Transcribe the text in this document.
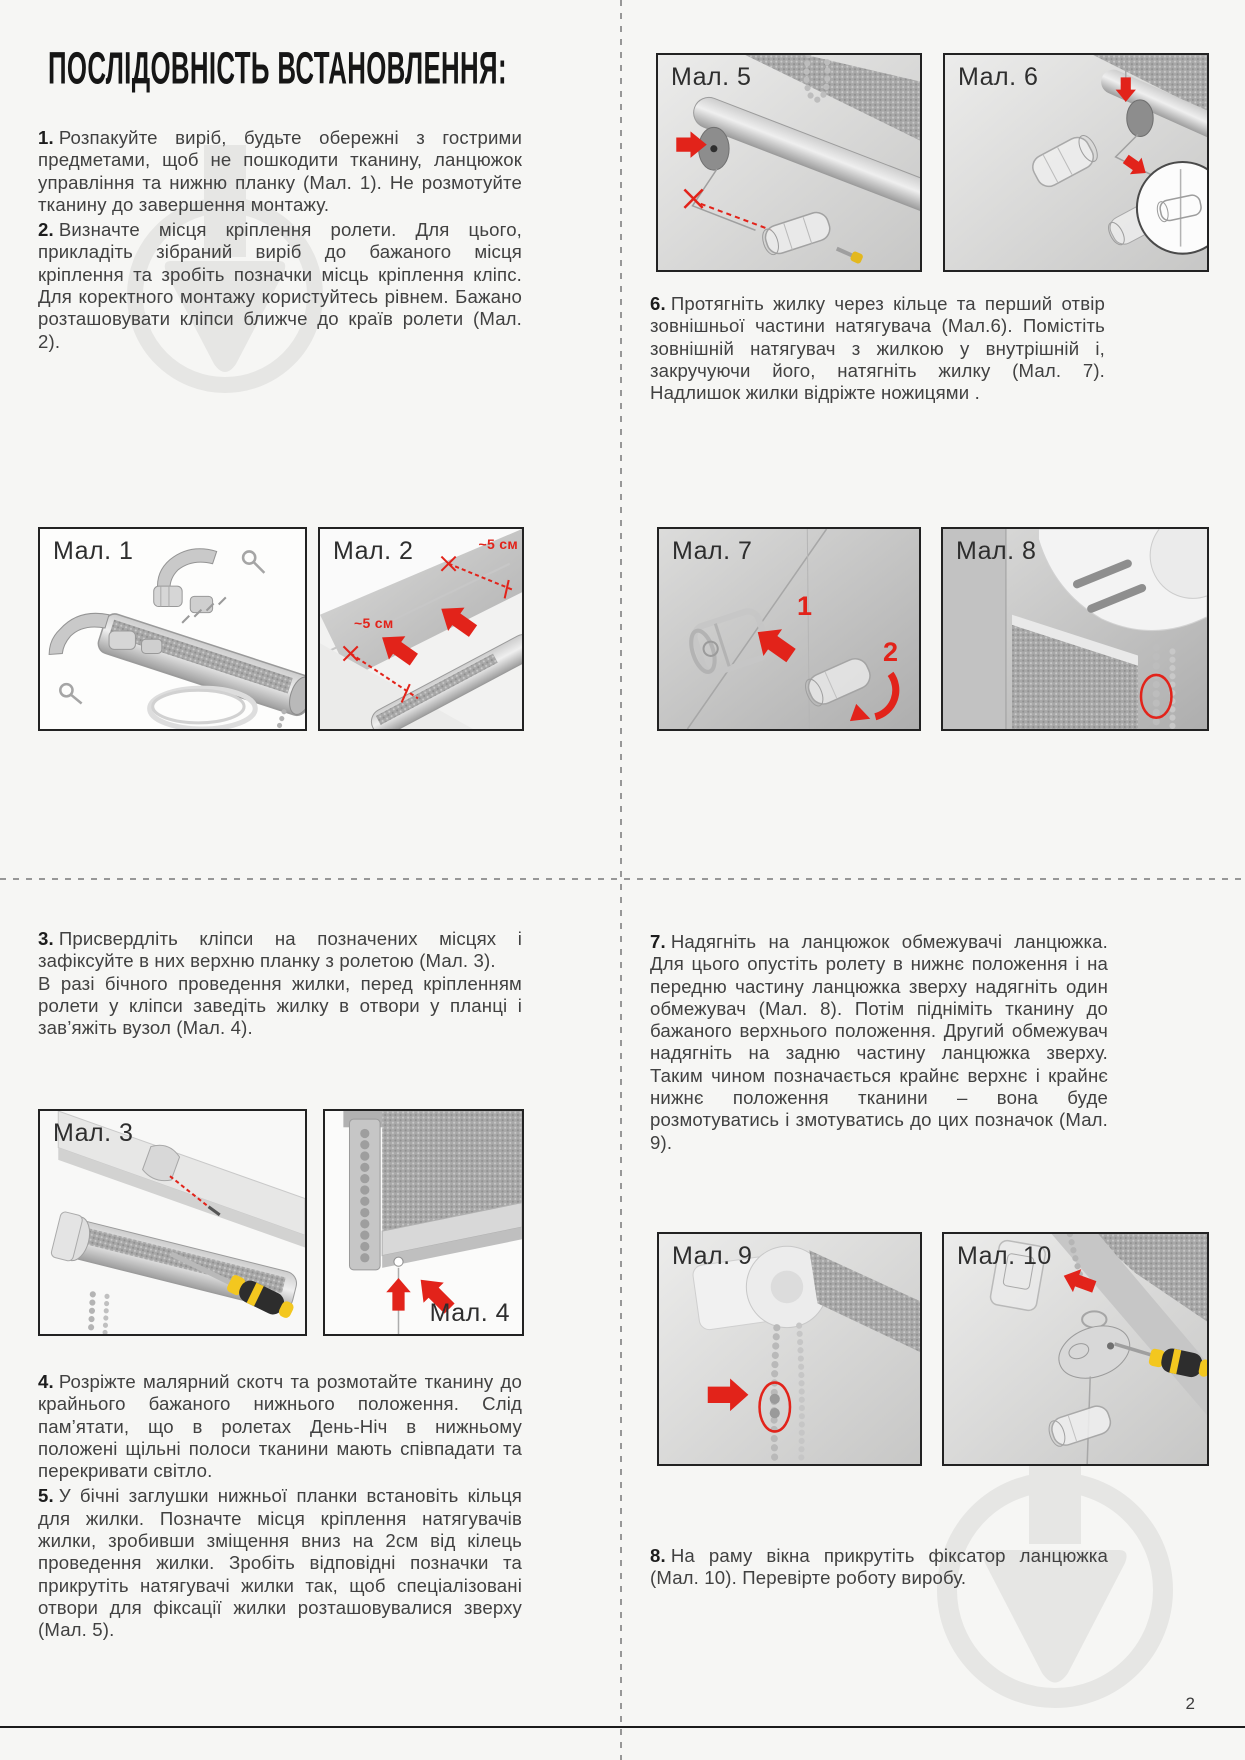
ПОСЛІДОВНІСТЬ ВСТАНОВЛЕННЯ:

1. Розпакуйте виріб, будьте обережні з гострими предметами, щоб не пошкодити тканину, ланцюжок управління та нижню планку (Мал. 1). Не розмотуйте тканину до завершення монтажу.

2. Визначте місця кріплення ролети. Для цього, прикладіть зібраний виріб до бажаного місця кріплення та зробіть позначки місць кріплення кліпс. Для коректного монтажу користуйтесь рівнем. Бажано розташовувати кліпси ближче до країв ролети (Мал. 2).

6. Протягніть жилку через кільце та перший отвір зовнішньої частини натягувача (Мал.6). Помістіть зовнішній натягувач з жилкою у внутрішній і, закручуючи його, натягніть жилку (Мал. 7). Надлишок жилки відріжте ножицями .

3. Присвердліть кліпси на позначених місцях і зафіксуйте в них верхню планку з ролетою (Мал. 3).
В разі бічного проведення жилки, перед кріпленням ролети у кліпси заведіть жилку в отвори у планці і зав’яжіть вузол (Мал. 4).

7. Надягніть на ланцюжок обмежувачі ланцюжка. Для цього опустіть ролету в нижнє положення і на передню частину ланцюжка зверху надягніть один обмежувач (Мал. 8). Потім підніміть тканину до бажаного верхнього положення. Другий обмежувач надягніть на задню частину ланцюжка зверху. Таким чином позначається крайнє верхнє і крайнє нижнє положення тканини – вона буде розмотуватись і змотуватись до цих позначок (Мал. 9).

4. Розріжте малярний скотч та розмотайте тканину до крайнього бажаного нижнього положення. Слід пам’ятати, що в ролетах День-Ніч в нижньому положені щільні полоси тканини мають співпадати та перекривати світло.

5. У бічні заглушки нижньої планки встановіть кільця для жилки. Позначте місця кріплення натягувачів жилки, зробивши зміщення вниз на 2см від кілець проведення жилки. Зробіть відповідні позначки та прикрутіть натягувачі жилки так, щоб спеціалізовані отвори для фіксації жилки розташовувалися зверху (Мал. 5).

8. На раму вікна прикрутіть фіксатор ланцюжка (Мал. 10). Перевірте роботу виробу.

Мал. 1	~5 см
~5 см
Мал. 2
Мал. 3
Мал. 4
Мал. 5	Мал. 6
1
2
Мал. 7	Мал. 8
Мал. 9	Мал. 10
2
